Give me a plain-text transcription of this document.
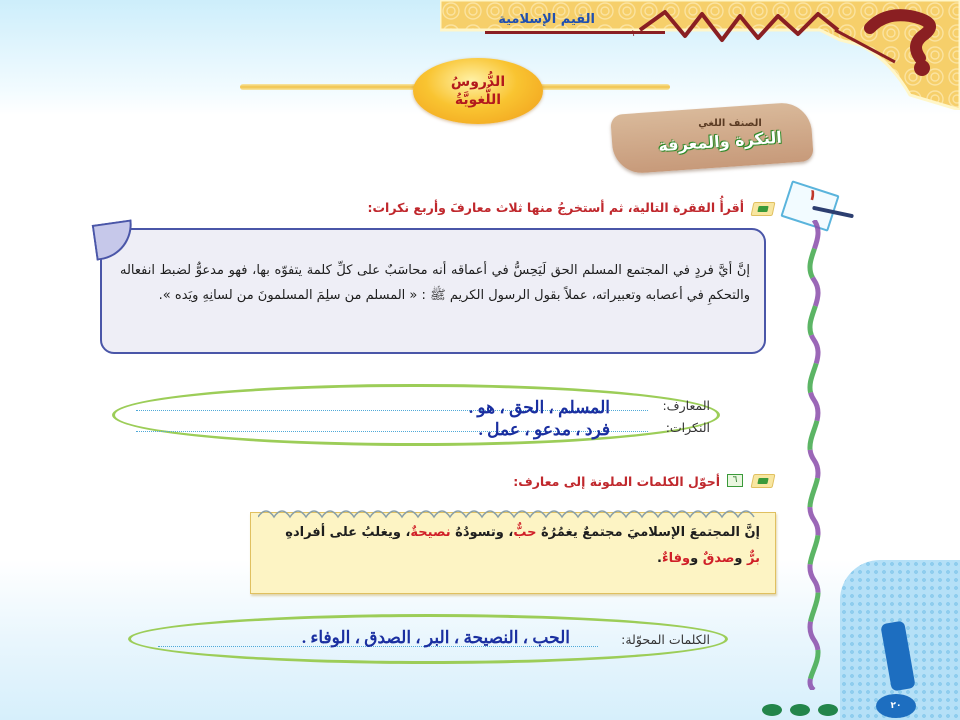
القيم الإسلامية
١
الدُّروسُ
اللُّغويَّةُ
الصنف اللغي
النكرة والمعرفة
١
أقرأُ الفقرة التالية، ثم أستخرجُ منها ثلاث معارفَ وأربع نكرات:
إنَّ أيَّ فردٍ في المجتمع المسلم الحق لَيَحِسُّ في أعماقه أنه محاسَبٌ على كلِّ كلمة يتفوّه بها، فهو مدعوٌّ لضبط انفعاله والتحكمِ في أعصابه وتعبيراته، عملاً بقول الرسول الكريم ﷺ : « المسلم من سلِمَ المسلمونَ من لسانِهِ ويَده ».
المعارف:
المسلم ، الحق ، هو .
النكرات:
فرد ، مدعو ، عمل .
٦
أحوّل الكلمات الملونة إلى معارف:
إنَّ المجتمعَ الإسلاميَ مجتمعٌ يغمُرُهُ حبٌّ، وتسودُهُ نصيحةٌ، ويغلبُ على أفرادهِ برٌّ وصدقٌ ووفاءٌ.
الكلمات المحوّلة:
الحب ، النصيحة ، البر ، الصدق ، الوفاء .
٢٠
